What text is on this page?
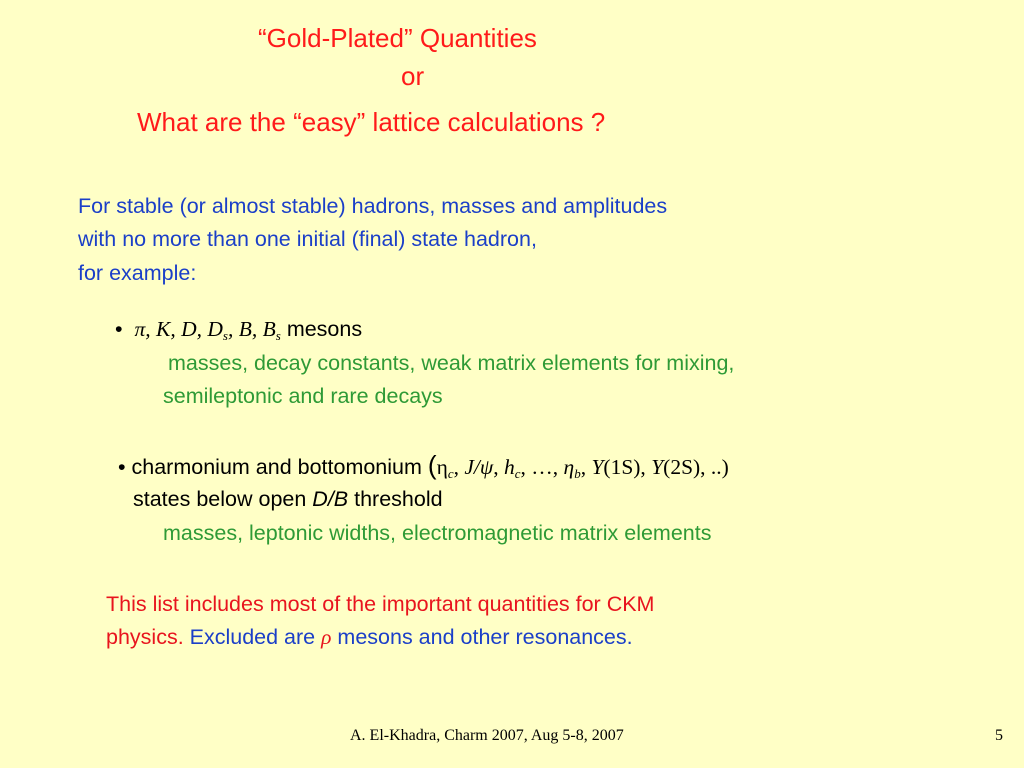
“Gold-Plated” Quantities
or
What are the “easy” lattice calculations ?
For stable (or almost stable) hadrons, masses and amplitudes
with no more than one initial (final) state hadron,
for example:
• π, K, D, $D_s$, B, $B_s$ mesons
masses, decay constants, weak matrix elements for mixing,
semileptonic and rare decays
• charmonium and bottomonium ($\eta_c$, J/ψ, $h_c$, …, $\eta_b$, Y(1S), Y(2S), ..)
states below open D/B threshold
masses, leptonic widths, electromagnetic matrix elements
This list includes most of the important quantities for CKM
physics. Excluded are ρ mesons and other resonances.
A. El-Khadra, Charm 2007, Aug 5-8, 2007	5
